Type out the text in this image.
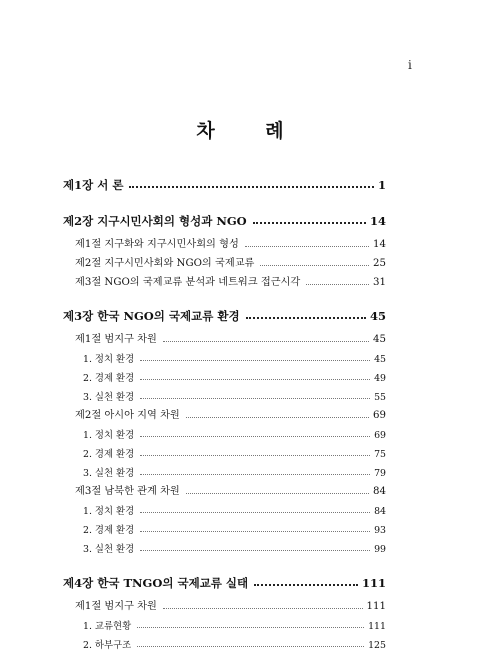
i
차 례
제1장 서 론	1
제2장 지구시민사회의 형성과 NGO	14
제1절 지구화와 지구시민사회의 형성	14
제2절 지구시민사회와 NGO의 국제교류	25
제3절 NGO의 국제교류 분석과 네트워크 접근시각	31
제3장 한국 NGO의 국제교류 환경	45
제1절 범지구 차원	45
1. 정치 환경	45
2. 경제 환경	49
3. 실천 환경	55
제2절 아시아 지역 차원	69
1. 정치 환경	69
2. 경제 환경	75
3. 실천 환경	79
제3절 남북한 관계 차원	84
1. 정치 환경	84
2. 경제 환경	93
3. 실천 환경	99
제4장 한국 TNGO의 국제교류 실태	111
제1절 범지구 차원	111
1. 교류현황	111
2. 하부구조	125
